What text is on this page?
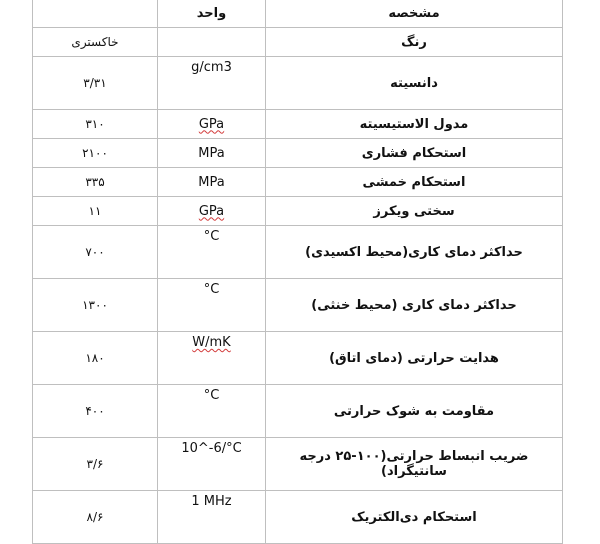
	واحد	مشخصه
خاکستری		رنگ
۳/۳۱	g/cm3	دانسیته
۳۱۰	GPa	مدول الاستیسیته
۲۱۰۰	MPa	استحکام فشاری
۳۳۵	MPa	استحکام خمشی
۱۱	GPa	سختی ویکرز
۷۰۰	°C	حداکثر دمای کاری(محیط اکسیدی)
۱۳۰۰	°C	حداکثر دمای کاری (محیط خنثی)
۱۸۰	W/mK	هدایت حرارتی (دمای اتاق)
۴۰۰	°C	مقاومت به شوک حرارتی
۳/۶	10^-6/°C	ضریب انبساط حرارتی(۱۰۰-۲۵ درجه سانتیگراد)
۸/۶	1 MHz	استحکام دی‌الکتریک
